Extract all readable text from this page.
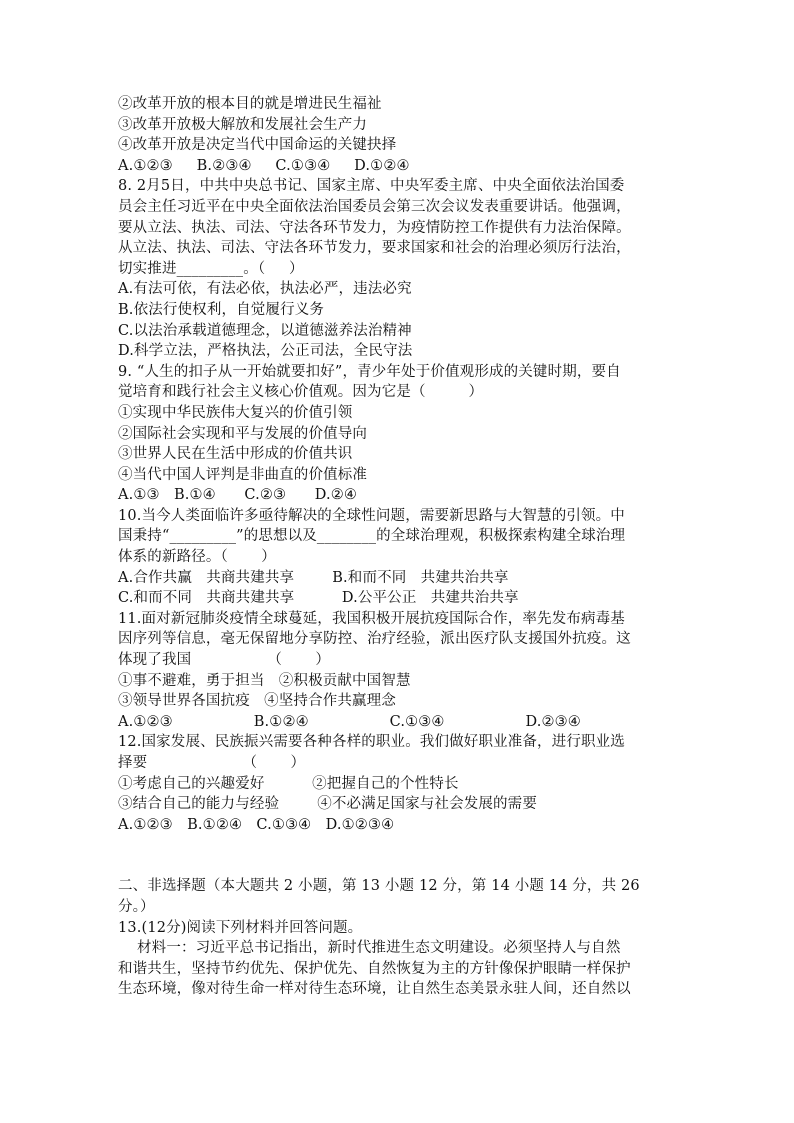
②改革开放的根本目的就是增进民生福祉
③改革开放极大解放和发展社会生产力
④改革开放是决定当代中国命运的关键抉择
A.①②③     B.②③④     C.①③④     D.①②④
8. 2月5日，中共中央总书记、国家主席、中央军委主席、中央全面依法治国委
员会主任习近平在中央全面依法治国委员会第三次会议发表重要讲话。他强调，
要从立法、执法、司法、守法各环节发力，为疫情防控工作提供有力法治保障。
从立法、执法、司法、守法各环节发力，要求国家和社会的治理必须厉行法治，
切实推进_________。（     ）
A.有法可依，有法必依，执法必严，违法必究
B.依法行使权利，自觉履行义务
C.以法治承载道德理念，以道德滋养法治精神
D.科学立法，严格执法，公正司法，全民守法
9. “人生的扣子从一开始就要扣好”，青少年处于价值观形成的关键时期，要自
觉培育和践行社会主义核心价值观。因为它是（         ）
①实现中华民族伟大复兴的价值引领
②国际社会实现和平与发展的价值导向
③世界人民在生活中形成的价值共识
④当代中国人评判是非曲直的价值标准
A.①③   B.①④      C.②③      D.②④
10.当今人类面临许多亟待解决的全球性问题，需要新思路与大智慧的引领。中
国秉持“_________”的思想以及________的全球治理观，积极探索构建全球治理
体系的新路径。（       ）
A.合作共赢   共商共建共享        B.和而不同   共建共治共享
C.和而不同   共商共建共享          D.公平公正   共建共治共享
11.面对新冠肺炎疫情全球蔓延，我国积极开展抗疫国际合作，率先发布病毒基
因序列等信息，毫无保留地分享防控、治疗经验，派出医疗队支援国外抗疫。这
体现了我国                （       ）
①事不避难，勇于担当   ②积极贡献中国智慧
③领导世界各国抗疫   ④坚持合作共赢理念
A.①②③                 B.①②④                 C.①③④                 D.②③④
12.国家发展、民族振兴需要各种各样的职业。我们做好职业准备，进行职业选
择要                    （       ）
①考虑自己的兴趣爱好          ②把握自己的个性特长
③结合自己的能力与经验        ④不必满足国家与社会发展的需要
A.①②③   B.①②④   C.①③④   D.①②③④
二、非选择题（本大题共 2 小题，第 13 小题 12 分，第 14 小题 14 分，共 26
分。）
13.(12分)阅读下列材料并回答问题。
材料一：习近平总书记指出，新时代推进生态文明建设。必须坚持人与自然
和谐共生，坚持节约优先、保护优先、自然恢复为主的方针像保护眼睛一样保护
生态环境，像对待生命一样对待生态环境，让自然生态美景永驻人间，还自然以
